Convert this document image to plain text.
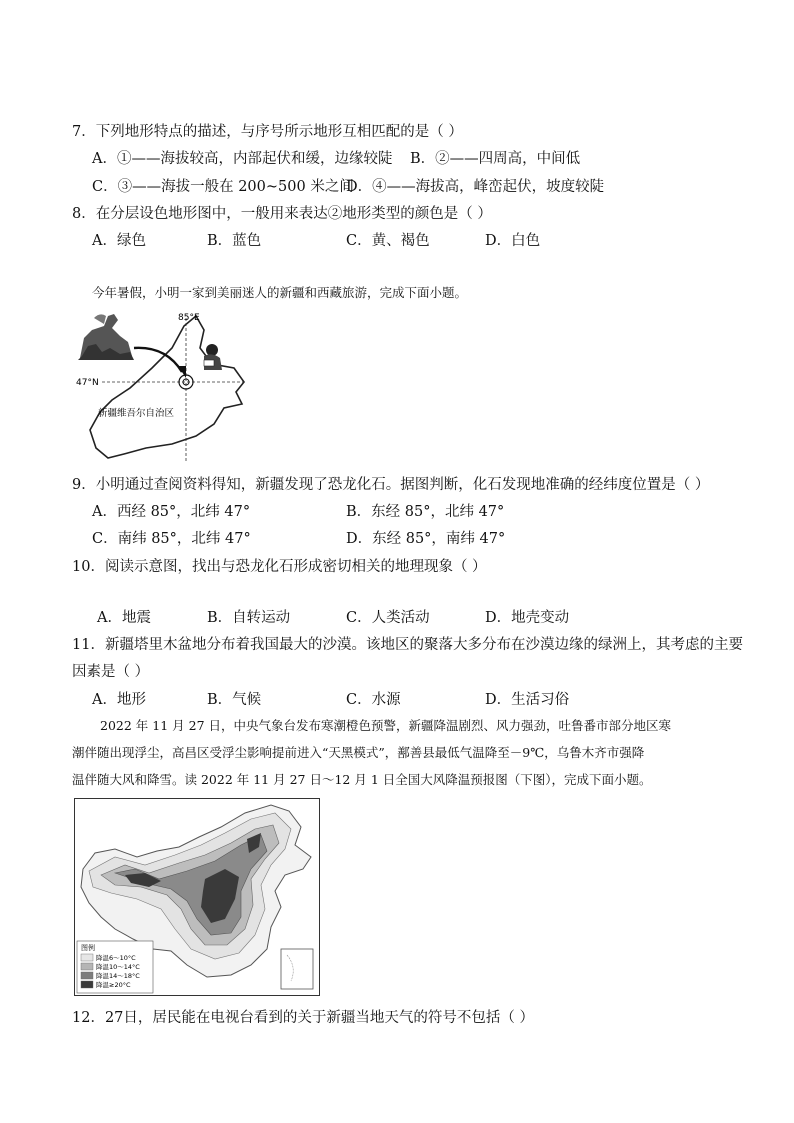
7．下列地形特点的描述，与序号所示地形互相匹配的是（ ）
A．①——海拔较高，内部起伏和缓，边缘较陡 B．②——四周高，中间低
C．③——海拔一般在 200~500 米之间
D．④——海拔高，峰峦起伏，坡度较陡
8．在分层设色地形图中，一般用来表达②地形类型的颜色是（ ）
A．绿色	B．蓝色	C．黄、褐色	D．白色
今年暑假，小明一家到美丽迷人的新疆和西藏旅游，完成下面小题。
85°E
47°N
新疆维吾尔自治区
9．小明通过查阅资料得知，新疆发现了恐龙化石。据图判断，化石发现地准确的经纬度位置是（ ）
A．西经 85°，北纬 47°	B．东经 85°，北纬 47°
C．南纬 85°，北纬 47°	D．东经 85°，南纬 47°
10．阅读示意图，找出与恐龙化石形成密切相关的地理现象（ ）
A．地震	B．自转运动	C．人类活动	D．地壳变动
11．新疆塔里木盆地分布着我国最大的沙漠。该地区的聚落大多分布在沙漠边缘的绿洲上，其考虑的主要
因素是（ ）
A．地形	B．气候	C．水源	D．生活习俗
2022 年 11 月 27 日，中央气象台发布寒潮橙色预警，新疆降温剧烈、风力强劲，吐鲁番市部分地区寒
潮伴随出现浮尘，高昌区受浮尘影响提前进入“天黑模式”，鄯善县最低气温降至－9℃，乌鲁木齐市强降
温伴随大风和降雪。读 2022 年 11 月 27 日～12 月 1 日全国大风降温预报图（下图），完成下面小题。
图例
降温6～10°C
降温10～14°C
降温14～18°C
降温≥20°C
12．27日，居民能在电视台看到的关于新疆当地天气的符号不包括（ ）
